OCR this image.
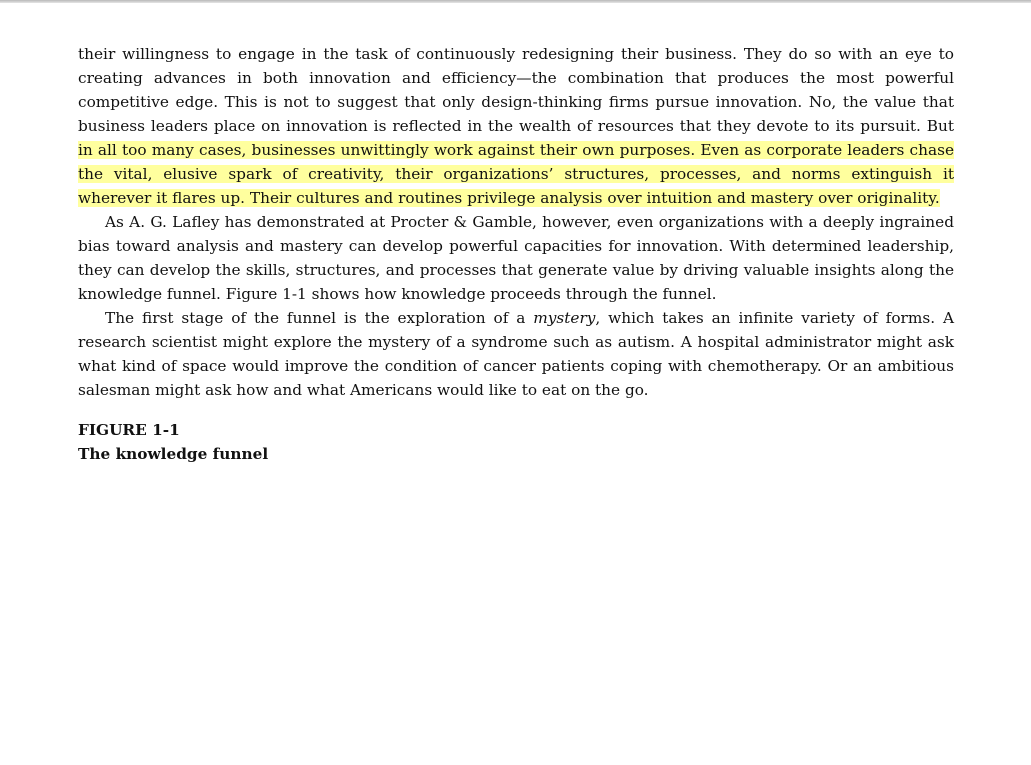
their willingness to engage in the task of continuously redesigning their business. They do so with an eye to creating advances in both innovation and efficiency—the combination that produces the most powerful competitive edge. This is not to suggest that only design-thinking firms pursue innovation. No, the value that business leaders place on innovation is reflected in the wealth of resources that they devote to its pursuit. But in all too many cases, businesses unwittingly work against their own purposes. Even as corporate leaders chase the vital, elusive spark of creativity, their organizations’ structures, processes, and norms extinguish it wherever it flares up. Their cultures and routines privilege analysis over intuition and mastery over originality.

As A. G. Lafley has demonstrated at Procter & Gamble, however, even organizations with a deeply ingrained bias toward analysis and mastery can develop powerful capacities for innovation. With determined leadership, they can develop the skills, structures, and processes that generate value by driving valuable insights along the knowledge funnel. Figure 1-1 shows how knowledge proceeds through the funnel.

The first stage of the funnel is the exploration of a mystery, which takes an infinite variety of forms. A research scientist might explore the mystery of a syndrome such as autism. A hospital administrator might ask what kind of space would improve the condition of cancer patients coping with chemotherapy. Or an ambitious salesman might ask how and what Americans would like to eat on the go.

FIGURE 1-1
The knowledge funnel
